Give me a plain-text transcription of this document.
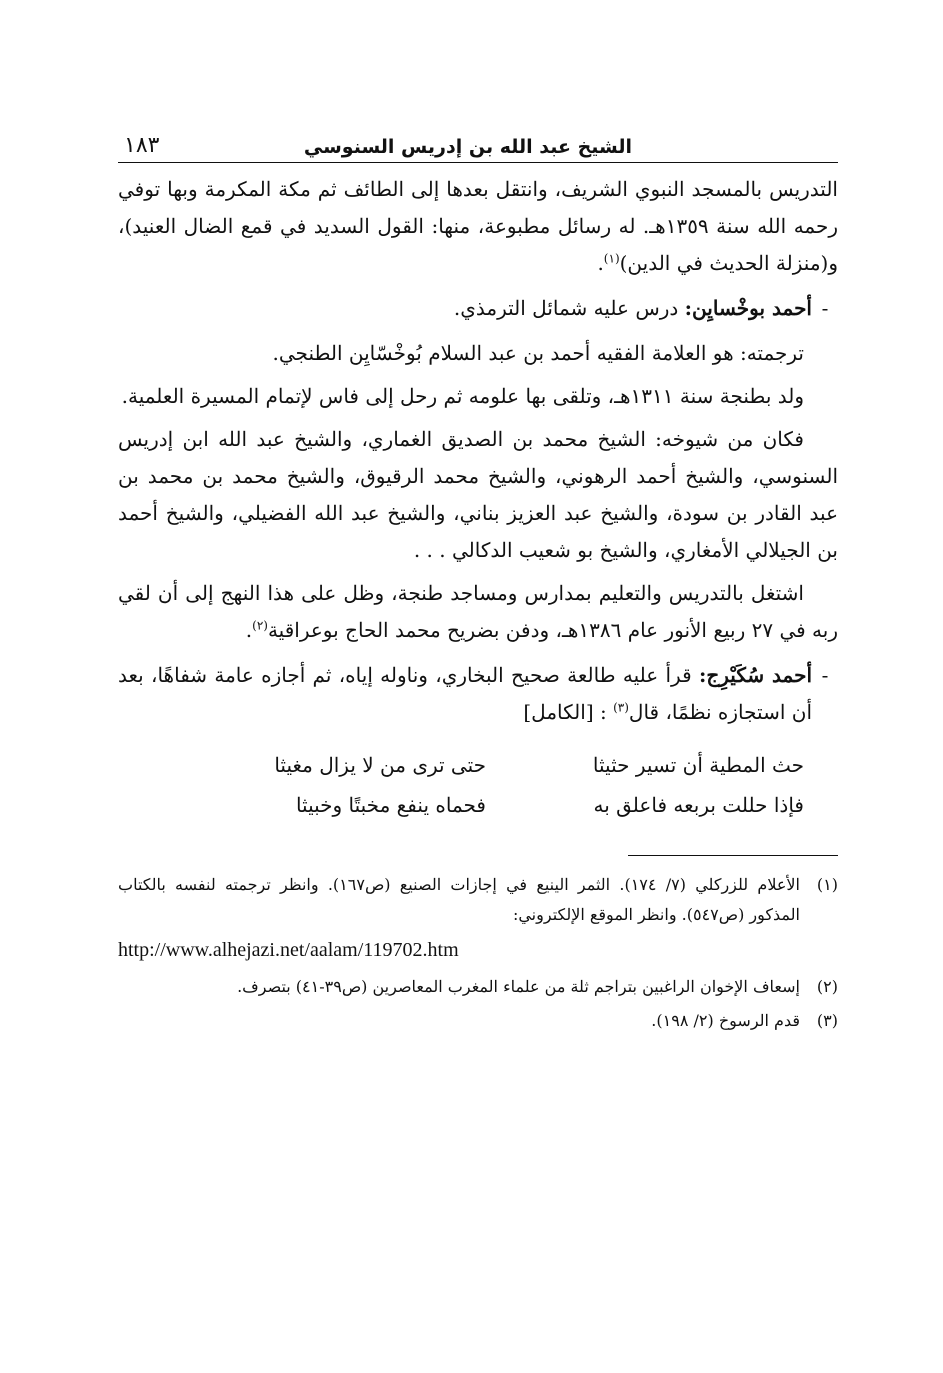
الشيخ عبد الله بن إدريس السنوسي
١٨٣

التدريس بالمسجد النبوي الشريف، وانتقل بعدها إلى الطائف ثم مكة المكرمة وبها توفي رحمه الله سنة ١٣٥٩هـ. له رسائل مطبوعة، منها: القول السديد في قمع الضال العنيد)، و(منزلة الحديث في الدين)$^{(١)}$.

-
أحمد بوخْسايِن: درس عليه شمائل الترمذي.

ترجمته: هو العلامة الفقيه أحمد بن عبد السلام بُوخْسّايِن الطنجي.

ولد بطنجة سنة ١٣١١هـ، وتلقى بها علومه ثم رحل إلى فاس لإتمام المسيرة العلمية.

فكان من شيوخه: الشيخ محمد بن الصديق الغماري، والشيخ عبد الله ابن إدريس السنوسي، والشيخ أحمد الرهوني، والشيخ محمد الرقيوق، والشيخ محمد بن محمد بن عبد القادر بن سودة، والشيخ عبد العزيز بناني، والشيخ عبد الله الفضيلي، والشيخ أحمد بن الجيلالي الأمغاري، والشيخ بو شعيب الدكالي . . .

اشتغل بالتدريس والتعليم بمدارس ومساجد طنجة، وظل على هذا النهج إلى أن لقي ربه في ٢٧ ربيع الأنور عام ١٣٨٦هـ، ودفن بضريح محمد الحاج بوعراقية$^{(٢)}$.

-
أحمد سُكَيْرِج: قرأ عليه طالعة صحيح البخاري، وناوله إياه، ثم أجازه عامة شفاهًا، بعد أن استجازه نظمًا، قال$^{(٣)}$ : [الكامل]
حث المطية أن تسير حثيثا
حتى ترى من لا يزال مغيثا
فإذا حللت بربعه فاعلق به
فحماه ينفع مخبتًا وخبيثا
(١)
الأعلام للزركلي (٧/ ١٧٤). الثمر الينيع في إجازات الصنيع (ص١٦٧). وانظر ترجمته لنفسه بالكتاب المذكور (ص٥٤٧). وانظر الموقع الإلكتروني:
http://www.alhejazi.net/aalam/119702.htm
(٢)
إسعاف الإخوان الراغبين بتراجم ثلة من علماء المغرب المعاصرين (ص٣٩-٤١) بتصرف.
(٣)
قدم الرسوخ (٢/ ١٩٨).
